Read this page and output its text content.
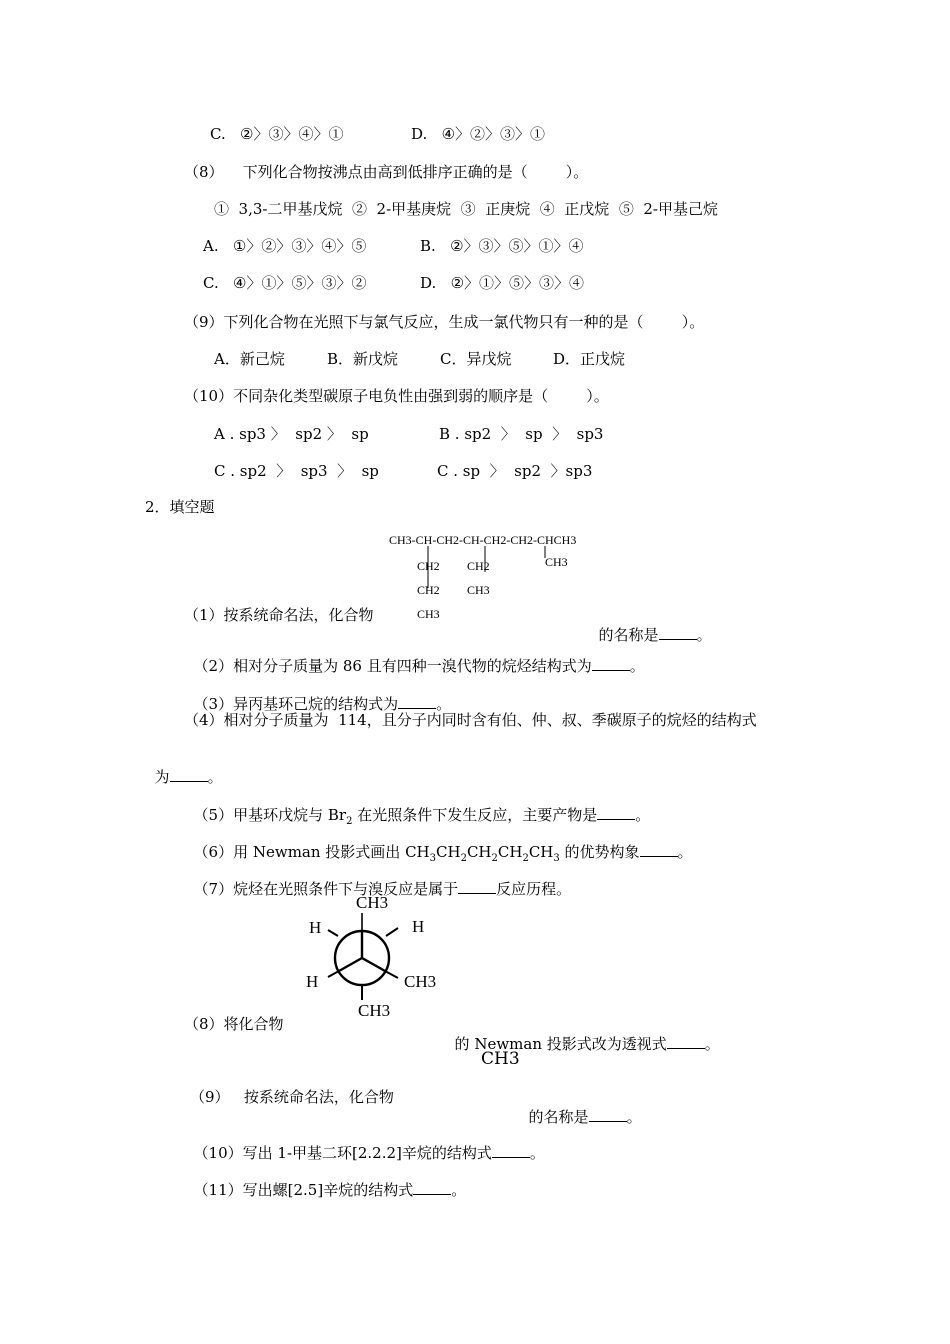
C.   ②〉③〉④〉①	D.   ④〉②〉③〉①
（8）    下列化合物按沸点由高到低排序正确的是（        ）。
①  3,3-二甲基戊烷  ②  2-甲基庚烷  ③  正庚烷  ④  正戊烷  ⑤  2-甲基己烷
A.   ①〉②〉③〉④〉⑤	B.   ②〉③〉⑤〉①〉④
C.   ④〉①〉⑤〉③〉②	D.   ②〉①〉⑤〉③〉④
（9）下列化合物在光照下与氯气反应，生成一氯代物只有一种的是（        ）。
A．新己烷	B．新戊烷	C．异戊烷	D．正戊烷
（10）不同杂化类型碳原子电负性由强到弱的顺序是（        ）。
A . sp3 〉  sp2 〉  sp	B . sp2  〉  sp  〉  sp3
C . sp2  〉  sp3  〉  sp	C . sp  〉  sp2  〉sp3
2．填空题
CH3-CH-CH2-CH-CH2-CH2-CHCH3
CH2
CH2
CH3
CH2
CH3
CH3
（1）按系统命名法，化合物

的名称是	。

（2）相对分子质量为 86 且有四种一溴代物的烷烃结构式为	。

（3）异丙基环己烷的结构式为	。

（4）相对分子质量为  114，且分子内同时含有伯、仲、叔、季碳原子的烷烃的结构式

为	。

（5）甲基环戊烷与 $Br_2$ 在光照条件下发生反应，主要产物是	。

（6）用 Newman 投影式画出 $CH_3CH_2CH_2CH_2CH_3$ 的优势构象	。

（7）烷烃在光照条件下与溴反应是属于	反应历程。

CH3
H	H
H	CH3
CH3
（8）将化合物

的 Newman 投影式改为透视式	。

CH3
（9）   按系统命名法，化合物

的名称是	。

（10）写出 1-甲基二环[2.2.2]辛烷的结构式	。

（11）写出螺[2.5]辛烷的结构式	。
